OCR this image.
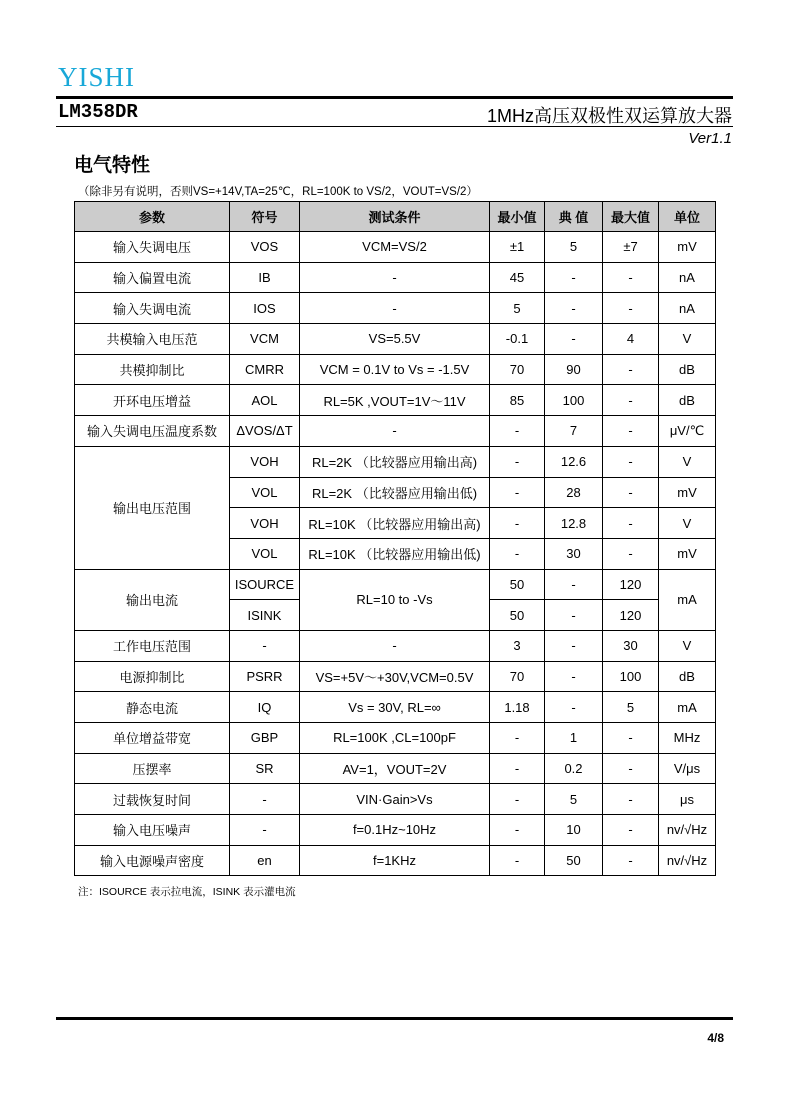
YISHI
LM358DR	1MHz高压双极性双运算放大器
Ver1.1
电气特性
（除非另有说明，否则VS=+14V,TA=25℃，RL=100K to VS/2，VOUT=VS/2）
参数	符号	测试条件	最小值	典 值	最大值	单位
输入失调电压	VOS	VCM=VS/2	±1	5	±7	mV
输入偏置电流	IB	-	45	-	-	nA
输入失调电流	IOS	-	5	-	-	nA
共模输入电压范	VCM	VS=5.5V	-0.1	-	4	V
共模抑制比	CMRR	VCM = 0.1V to Vs = -1.5V	70	90	-	dB
开环电压增益	AOL	RL=5K ,VOUT=1V～11V	85	100	-	dB
输入失调电压温度系数	ΔVOS/ΔT	-	-	7	-	μV/℃
输出电压范围	VOH	RL=2K （比较器应用输出高)	-	12.6	-	V
	VOL	RL=2K （比较器应用输出低)	-	28	-	mV
	VOH	RL=10K （比较器应用输出高)	-	12.8	-	V
	VOL	RL=10K （比较器应用输出低)	-	30	-	mV
输出电流	ISOURCE	RL=10 to -Vs	50	-	120	mA
	ISINK		50	-	120	
工作电压范围	-	-	3	-	30	V
电源抑制比	PSRR	VS=+5V～+30V,VCM=0.5V	70	-	100	dB
静态电流	IQ	Vs = 30V, RL=∞	1.18	-	5	mA
单位增益带宽	GBP	RL=100K ,CL=100pF	-	1	-	MHz
压摆率	SR	AV=1，VOUT=2V	-	0.2	-	V/μs
过载恢复时间	-	VIN·Gain>Vs	-	5	-	μs
输入电压噪声	-	f=0.1Hz~10Hz	-	10	-	nv/√Hz
输入电源噪声密度	en	f=1KHz	-	50	-	nv/√Hz
注：ISOURCE 表示拉电流，ISINK 表示灌电流
4/8
